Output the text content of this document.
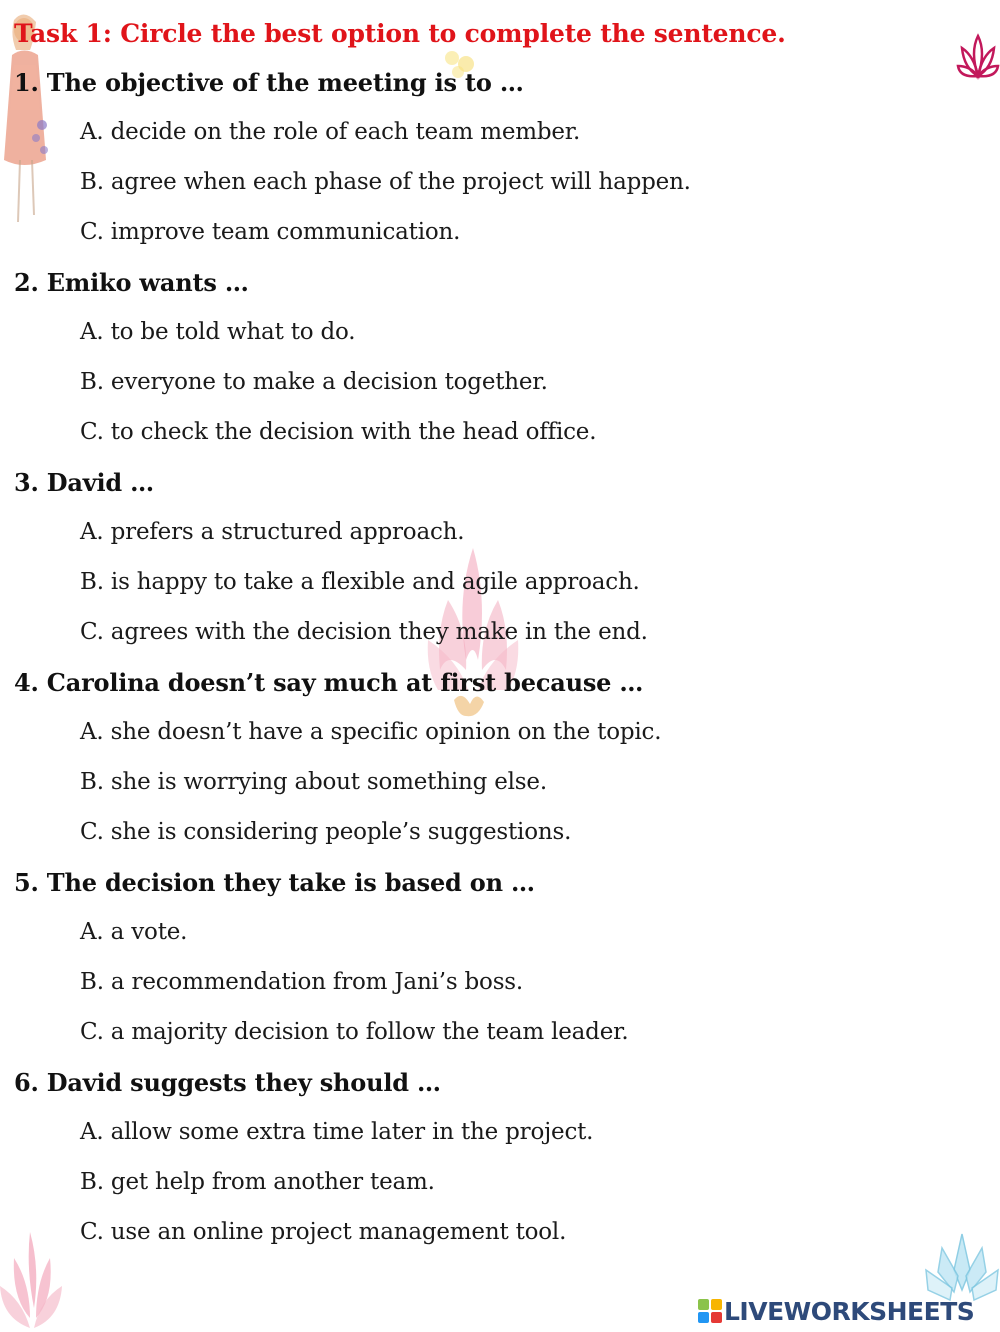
Task 1: Circle the best option to complete the sentence.
1. The objective of the meeting is to …
A. decide on the role of each team member.
B. agree when each phase of the project will happen.
C. improve team communication.
2. Emiko wants …
A. to be told what to do.
B. everyone to make a decision together.
C. to check the decision with the head office.
3. David …
A. prefers a structured approach.
B. is happy to take a flexible and agile approach.
C. agrees with the decision they make in the end.
4. Carolina doesn’t say much at first because …
A. she doesn’t have a specific opinion on the topic.
B. she is worrying about something else.
C. she is considering people’s suggestions.
5. The decision they take is based on …
A. a vote.
B. a recommendation from Jani’s boss.
C. a majority decision to follow the team leader.
6. David suggests they should …
A. allow some extra time later in the project.
B. get help from another team.
C. use an online project management tool.
LIVEWORKSHEETS
